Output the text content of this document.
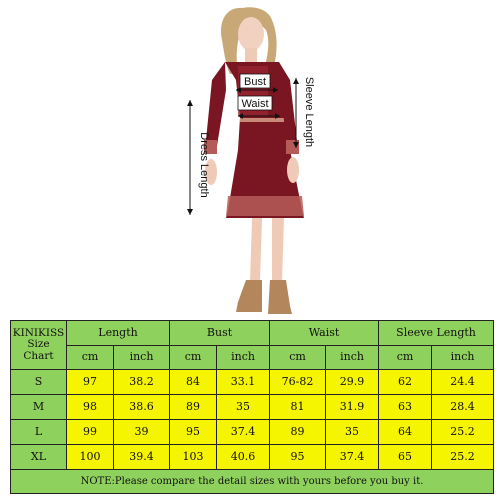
Bust
Waist
Dress Length
Sleeve Length
KINIKISS Size Chart	Length		Bust		Waist		Sleeve Length	
	cm	inch	cm	inch	cm	inch	cm	inch
S	97	38.2	84	33.1	76-82	29.9	62	24.4
M	98	38.6	89	35	81	31.9	63	28.4
L	99	39	95	37.4	89	35	64	25.2
XL	100	39.4	103	40.6	95	37.4	65	25.2
NOTE:Please compare the detail sizes with yours before you buy it.								
